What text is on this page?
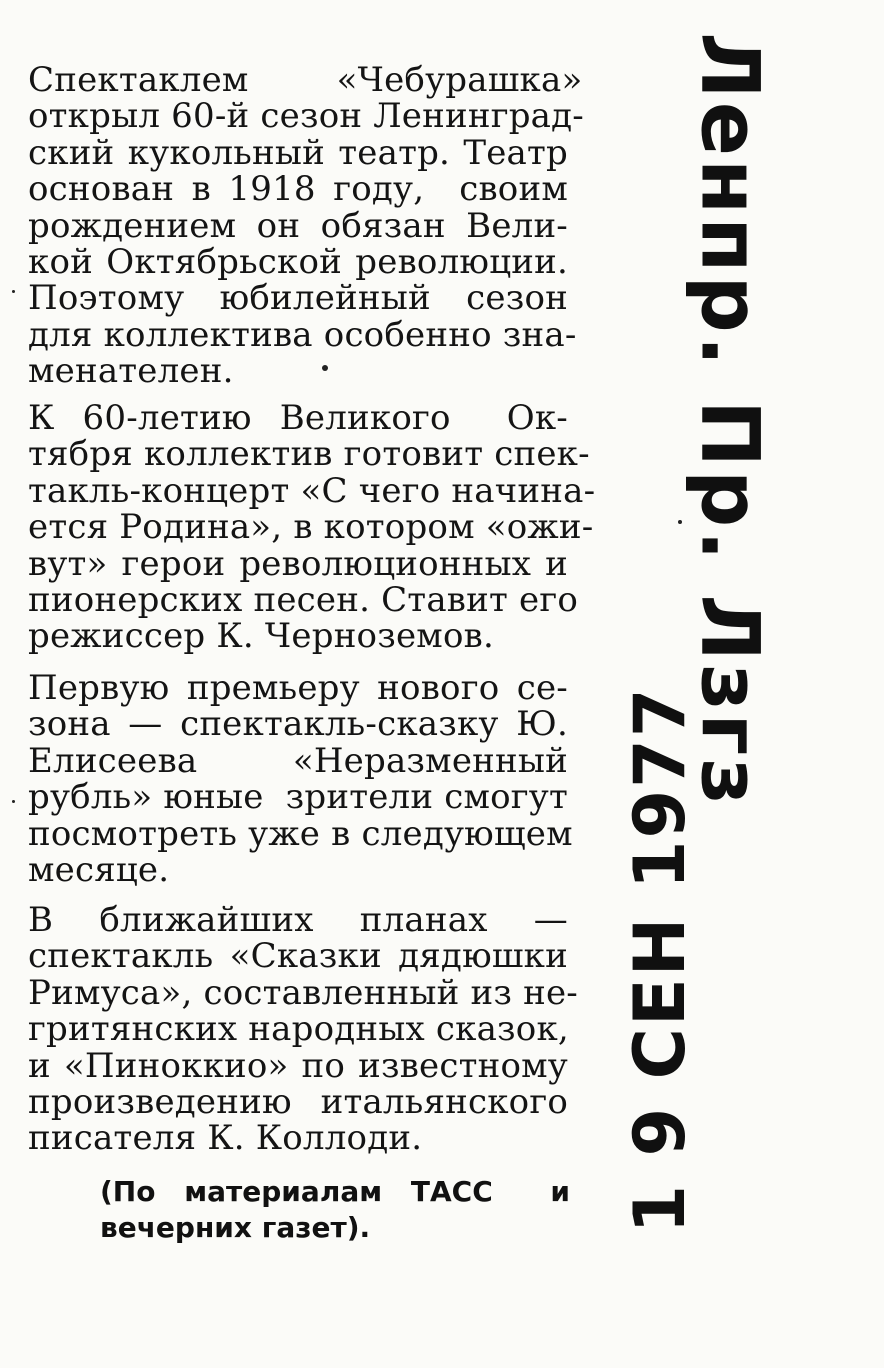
Спектаклем        «Чебурашка»
открыл 60-й сезон Ленинград-
ский кукольный театр. Театр
основан в 1918 году,  своим
рождением он обязан Вели-
кой Октябрьской революции.
Поэтому юбилейный сезон
для коллектива особенно зна-
менателен.
К 60-летию Великого  Ок-
тября коллектив готовит спек-
такль-концерт «С чего начина-
ется Родина», в котором «ожи-
вут» герои революционных и
пионерских песен. Ставит его
режиссер К. Черноземов.
Первую премьеру нового се-
зона — спектакль-сказку Ю.
Елисеева        «Неразменный
рубль» юные  зрители смогут
посмотреть уже в следующем
месяце.
В ближайших планах —
спектакль «Сказки дядюшки
Римуса», составленный из не-
гритянских народных сказок,
и «Пиноккио» по известному
произведению итальянского
писателя К. Коллоди.
(По материалам ТАСС  и
вечерних газет).
Ленпр. Пр. Лзгз
1 9 СЕН 1977
